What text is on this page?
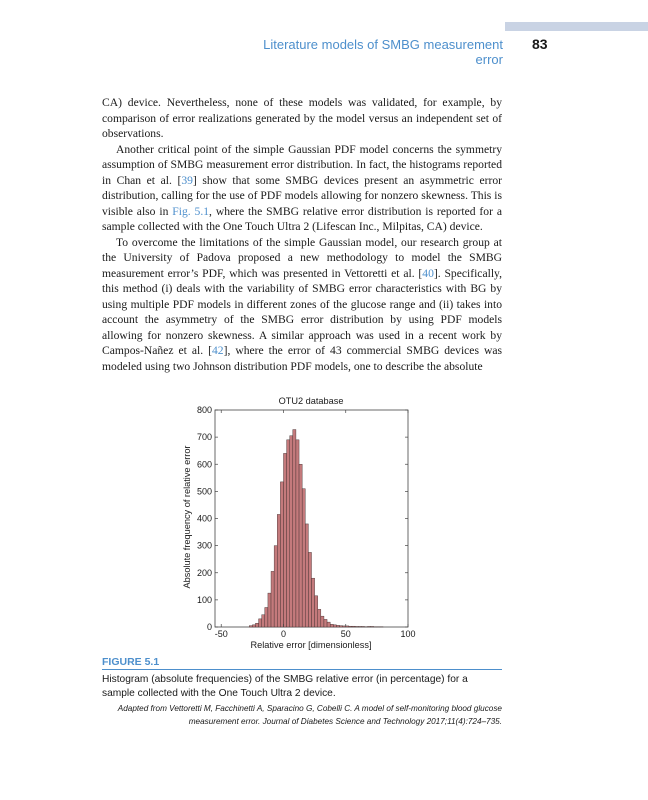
Literature models of SMBG measurement error
83

CA) device. Nevertheless, none of these models was validated, for example, by comparison of error realizations generated by the model versus an independent set of observations.

Another critical point of the simple Gaussian PDF model concerns the symmetry assumption of SMBG measurement error distribution. In fact, the histograms reported in Chan et al. [39] show that some SMBG devices present an asymmetric error distribution, calling for the use of PDF models allowing for nonzero skewness. This is visible also in Fig. 5.1, where the SMBG relative error distribution is reported for a sample collected with the One Touch Ultra 2 (Lifescan Inc., Milpitas, CA) device.

To overcome the limitations of the simple Gaussian model, our research group at the University of Padova proposed a new methodology to model the SMBG measurement error’s PDF, which was presented in Vettoretti et al. [40]. Specifically, this method (i) deals with the variability of SMBG error characteristics with BG by using multiple PDF models in different zones of the glucose range and (ii) takes into account the asymmetry of the SMBG error distribution by using PDF models allowing for nonzero skewness. A similar approach was used in a recent work by Campos-Nañez et al. [42], where the error of 43 commercial SMBG devices was modeled using two Johnson distribution PDF models, one to describe the absolute

OTU2 database
0
100
200
300
400
500
600
700
800
-50	0	50	100
Relative error [dimensionless]
Absolute frequency of relative error
FIGURE 5.1
Histogram (absolute frequencies) of the SMBG relative error (in percentage) for a sample collected with the One Touch Ultra 2 device.
Adapted from Vettoretti M, Facchinetti A, Sparacino G, Cobelli C. A model of self-monitoring blood glucose measurement error. Journal of Diabetes Science and Technology 2017;11(4):724–735.
